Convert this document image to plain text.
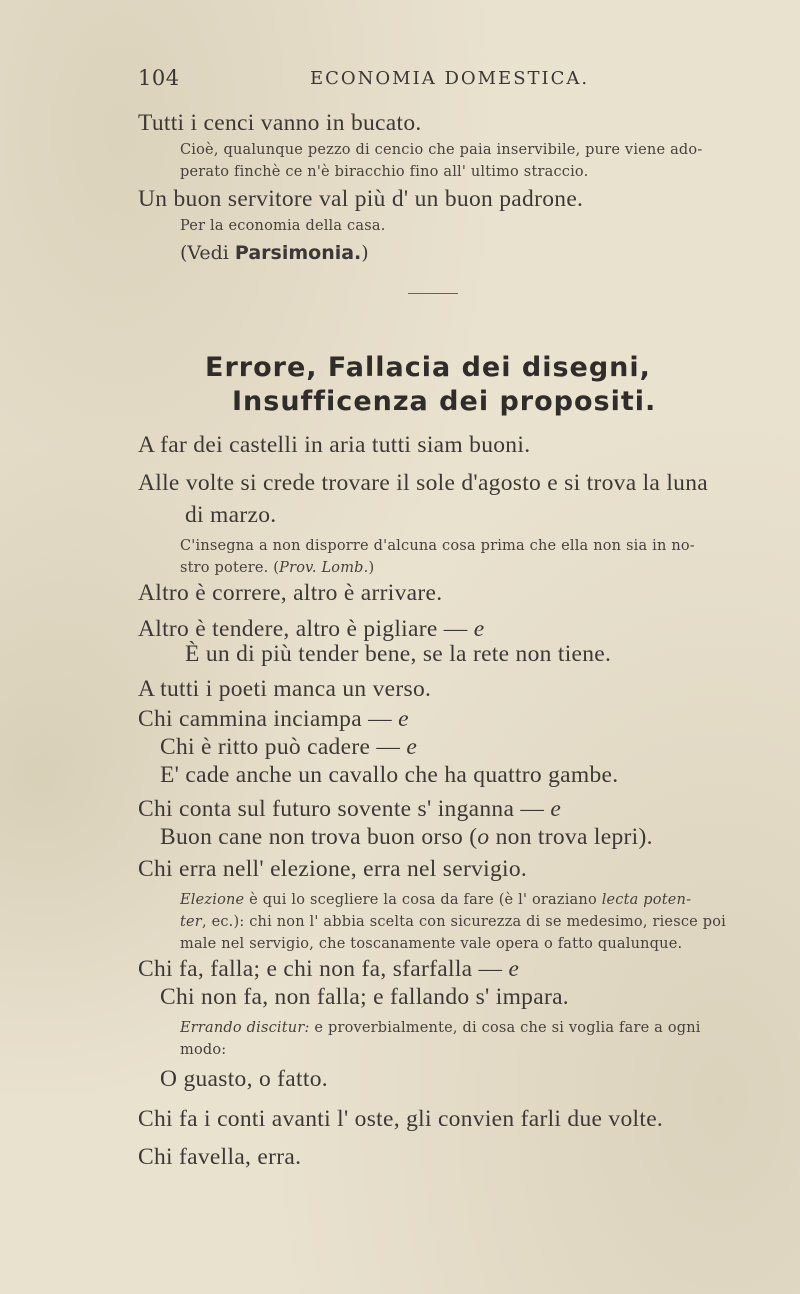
104	ECONOMIA DOMESTICA.

Tutti i cenci vanno in bucato.

Cioè, qualunque pezzo di cencio che paia inservibile, pure viene ado-

perato finchè ce n'è biracchio fino all' ultimo straccio.

Un buon servitore val più d' un buon padrone.

Per la economia della casa.

(Vedi Parsimonia.)

Errore, Fallacia dei disegni,

Insufficenza dei propositi.

A far dei castelli in aria tutti siam buoni.

Alle volte si crede trovare il sole d'agosto e si trova la luna

di marzo.

C'insegna a non disporre d'alcuna cosa prima che ella non sia in no-

stro potere. (Prov. Lomb.)

Altro è correre, altro è arrivare.

Altro è tendere, altro è pigliare — e

È un di più tender bene, se la rete non tiene.

A tutti i poeti manca un verso.

Chi cammina inciampa — e

Chi è ritto può cadere — e

E' cade anche un cavallo che ha quattro gambe.

Chi conta sul futuro sovente s' inganna — e

Buon cane non trova buon orso (o non trova lepri).

Chi erra nell' elezione, erra nel servigio.

Elezione è qui lo scegliere la cosa da fare (è l' oraziano lecta poten-

ter, ec.): chi non l' abbia scelta con sicurezza di se medesimo, riesce poi

male nel servigio, che toscanamente vale opera o fatto qualunque.

Chi fa, falla; e chi non fa, sfarfalla — e

Chi non fa, non falla; e fallando s' impara.

Errando discitur: e proverbialmente, di cosa che si voglia fare a ogni

modo:

O guasto, o fatto.

Chi fa i conti avanti l' oste, gli convien farli due volte.

Chi favella, erra.
